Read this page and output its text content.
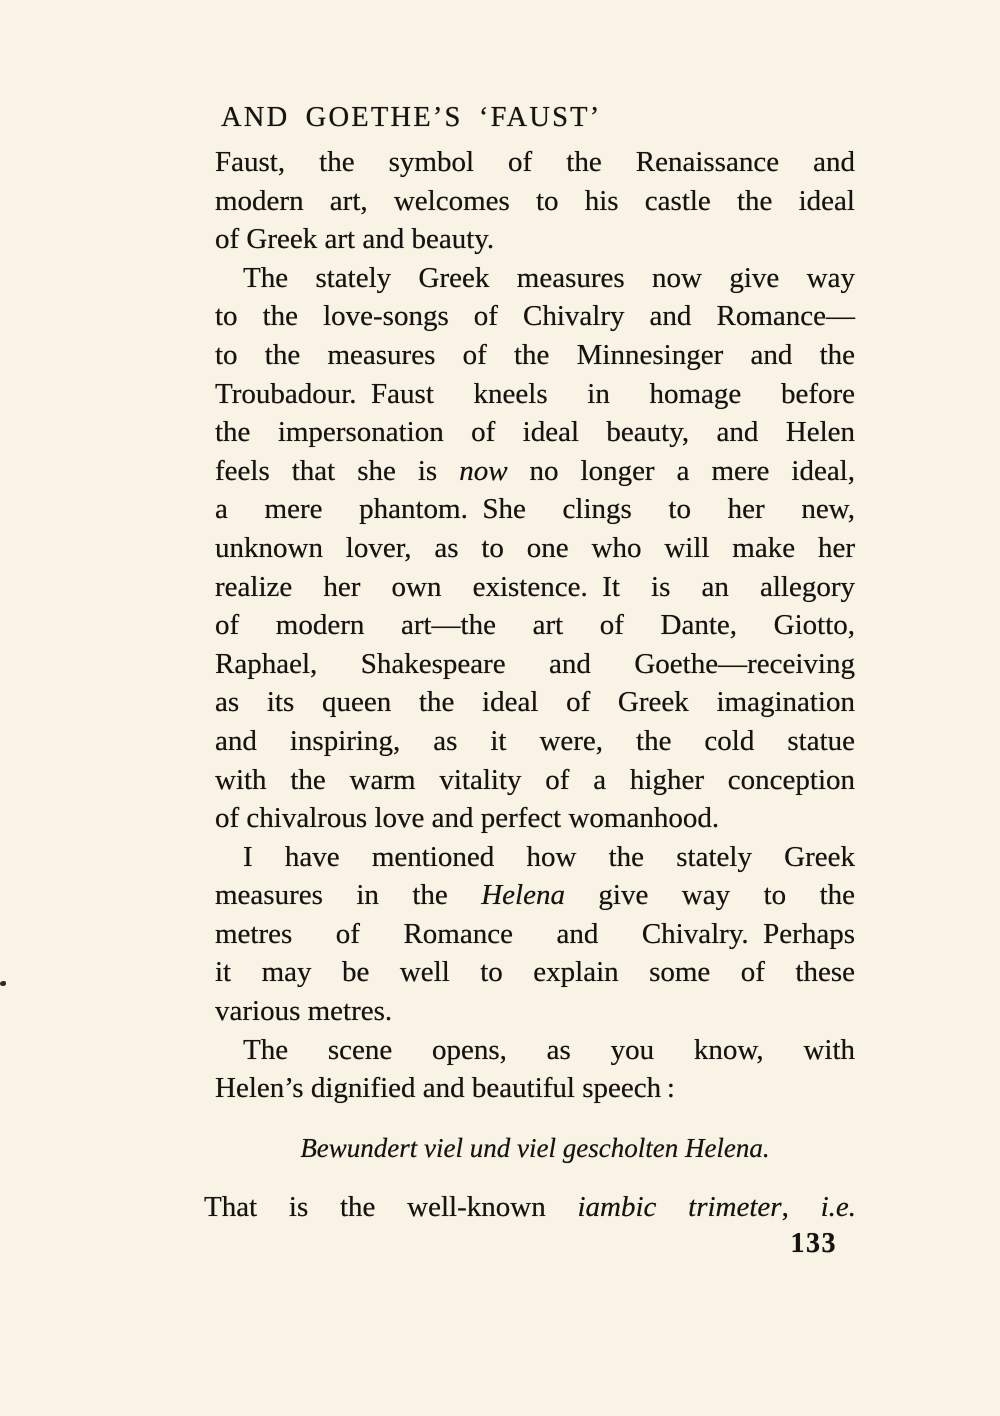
AND GOETHE’S ‘FAUST’
Faust, the symbol of the Renaissance and
modern art, welcomes to his castle the ideal
of Greek art and beauty.
The stately Greek measures now give way
to the love-songs of Chivalry and Romance—
to the measures of the Minnesinger and the
Troubadour. Faust kneels in homage before
the impersonation of ideal beauty, and Helen
feels that she is now no longer a mere ideal,
a mere phantom. She clings to her new,
unknown lover, as to one who will make her
realize her own existence. It is an allegory
of modern art—the art of Dante, Giotto,
Raphael, Shakespeare and Goethe—receiving
as its queen the ideal of Greek imagination
and inspiring, as it were, the cold statue
with the warm vitality of a higher conception
of chivalrous love and perfect womanhood.
I have mentioned how the stately Greek
measures in the Helena give way to the
metres of Romance and Chivalry. Perhaps
it may be well to explain some of these
various metres.
The scene opens, as you know, with
Helen’s dignified and beautiful speech :
Bewundert viel und viel gescholten Helena.
That is the well-known iambic trimeter, i.e.
133
